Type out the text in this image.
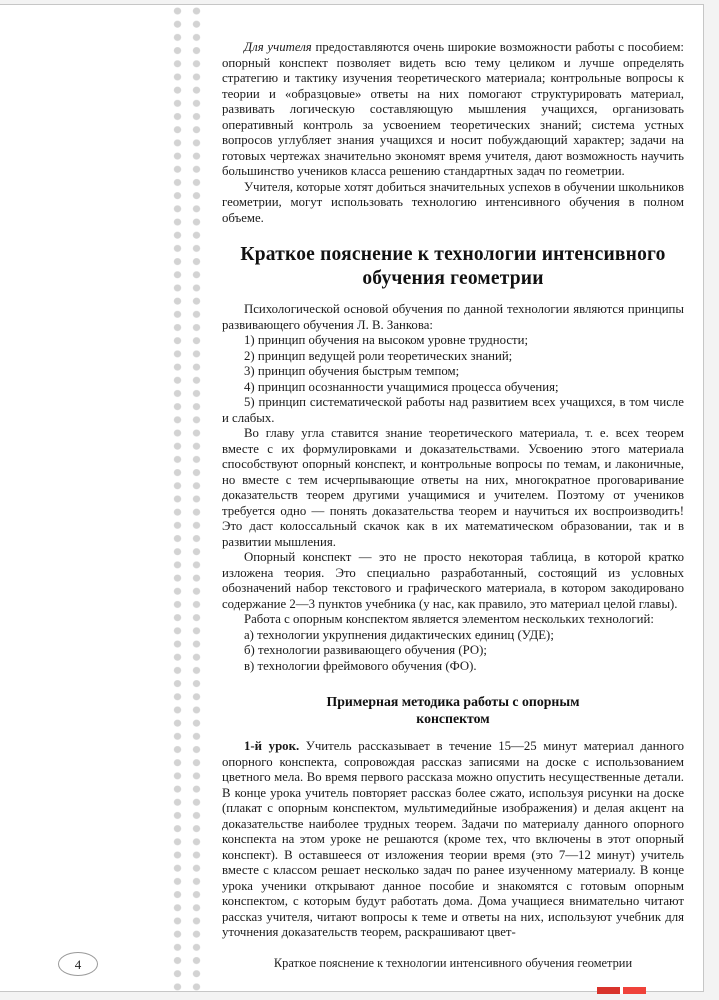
Для учителя предоставляются очень широкие возможности работы с пособием: опорный конспект позволяет видеть всю тему целиком и лучше определять стратегию и тактику изучения теоретического материала; контрольные вопросы к теории и «образцовые» ответы на них помогают структурировать материал, развивать логическую составляющую мышления учащихся, организовать оперативный контроль за усвоением теоретических знаний; система устных вопросов углубляет знания учащихся и носит побуждающий характер; задачи на готовых чертежах значительно экономят время учителя, дают возможность научить большинство учеников класса решению стандартных задач по геометрии.

Учителя, которые хотят добиться значительных успехов в обучении школьников геометрии, могут использовать технологию интенсивного обучения в полном объеме.

Краткое пояснение к технологии интенсивного обучения геометрии

Психологической основой обучения по данной технологии являются принципы развивающего обучения Л. В. Занкова:

1) принцип обучения на высоком уровне трудности;

2) принцип ведущей роли теоретических знаний;

3) принцип обучения быстрым темпом;

4) принцип осознанности учащимися процесса обучения;

5) принцип систематической работы над развитием всех учащихся, в том числе и слабых.

Во главу угла ставится знание теоретического материала, т. е. всех теорем вместе с их формулировками и доказательствами. Усвоению этого материала способствуют опорный конспект, и контрольные вопросы по темам, и лаконичные, но вместе с тем исчерпывающие ответы на них, многократное проговаривание доказательств теорем другими учащимися и учителем. Поэтому от учеников требуется одно — понять доказательства теорем и научиться их воспроизводить! Это даст колоссальный скачок как в их математическом образовании, так и в развитии мышления.

Опорный конспект — это не просто некоторая таблица, в которой кратко изложена теория. Это специально разработанный, состоящий из условных обозначений набор текстового и графического материала, в котором закодировано содержание 2—3 пунктов учебника (у нас, как правило, это материал целой главы).

Работа с опорным конспектом является элементом нескольких технологий:

а) технологии укрупнения дидактических единиц (УДЕ);

б) технологии развивающего обучения (РО);

в) технологии фреймового обучения (ФО).

Примерная методика работы с опорным конспектом

1-й урок. Учитель рассказывает в течение 15—25 минут материал данного опорного конспекта, сопровождая рассказ записями на доске с использованием цветного мела. Во время первого рассказа можно опустить несущественные детали. В конце урока учитель повторяет рассказ более сжато, используя рисунки на доске (плакат с опорным конспектом, мультимедийные изображения) и делая акцент на доказательстве наиболее трудных теорем. Задачи по материалу данного опорного конспекта на этом уроке не решаются (кроме тех, что включены в этот опорный конспект). В оставшееся от изложения теории время (это 7—12 минут) учитель вместе с классом решает несколько задач по ранее изученному материалу. В конце урока ученики открывают данное пособие и знакомятся с готовым опорным конспектом, с которым будут работать дома. Дома учащиеся внимательно читают рассказ учителя, читают вопросы к теме и ответы на них, используют учебник для уточнения доказательств теорем, раскрашивают цвет-

Краткое пояснение к технологии интенсивного обучения геометрии
4
